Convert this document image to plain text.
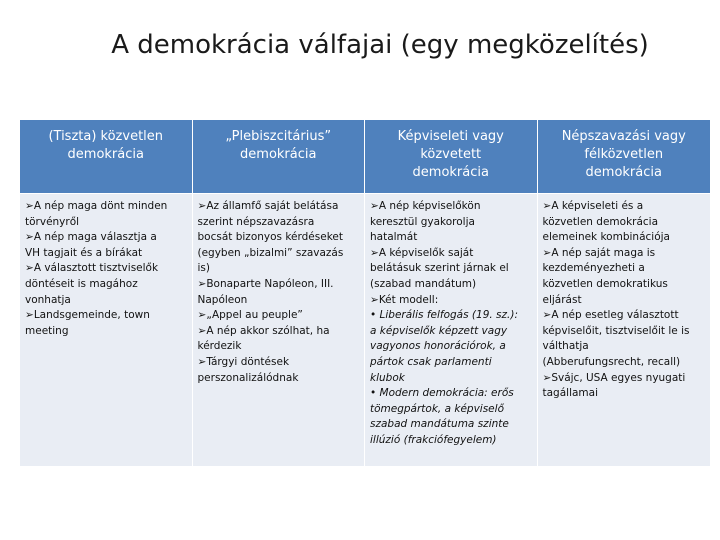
A demokrácia válfajai (egy megközelítés)
(Tiszta) közvetlen
demokrácia
„Plebiszcitárius”
demokrácia
Képviseleti vagy
közvetett
demokrácia
Népszavazási vagy
félközvetlen
demokrácia
➢A nép maga dönt minden
törvényről
➢A nép maga választja a
VH tagjait és a bírákat
➢A választott tisztviselők
döntéseit is magához
vonhatja
➢Landsgemeinde, town
meeting
➢Az államfő saját belátása
szerint népszavazásra
bocsát bizonyos kérdéseket
(egyben „bizalmi” szavazás
is)
➢Bonaparte Napóleon, III.
Napóleon
➢„Appel au peuple”
➢A nép akkor szólhat, ha
kérdezik
➢Tárgyi döntések
perszonalizálódnak
➢A nép képviselőkön
keresztül gyakorolja
hatalmát
➢A képviselők saját
belátásuk szerint járnak el
(szabad mandátum)
➢Két modell:
• Liberális felfogás (19. sz.):
a képviselők képzett vagy
vagyonos honorációrok, a
pártok csak parlamenti
klubok
• Modern demokrácia: erős
tömegpártok, a képviselő
szabad mandátuma szinte
illúzió (frakciófegyelem)
➢A képviseleti és a
közvetlen demokrácia
elemeinek kombinációja
➢A nép saját maga is
kezdeményezheti a
közvetlen demokratikus
eljárást
➢A nép esetleg választott
képviselőit, tisztviselőit le is
válthatja
(Abberufungsrecht, recall)
➢Svájc, USA egyes nyugati
tagállamai
